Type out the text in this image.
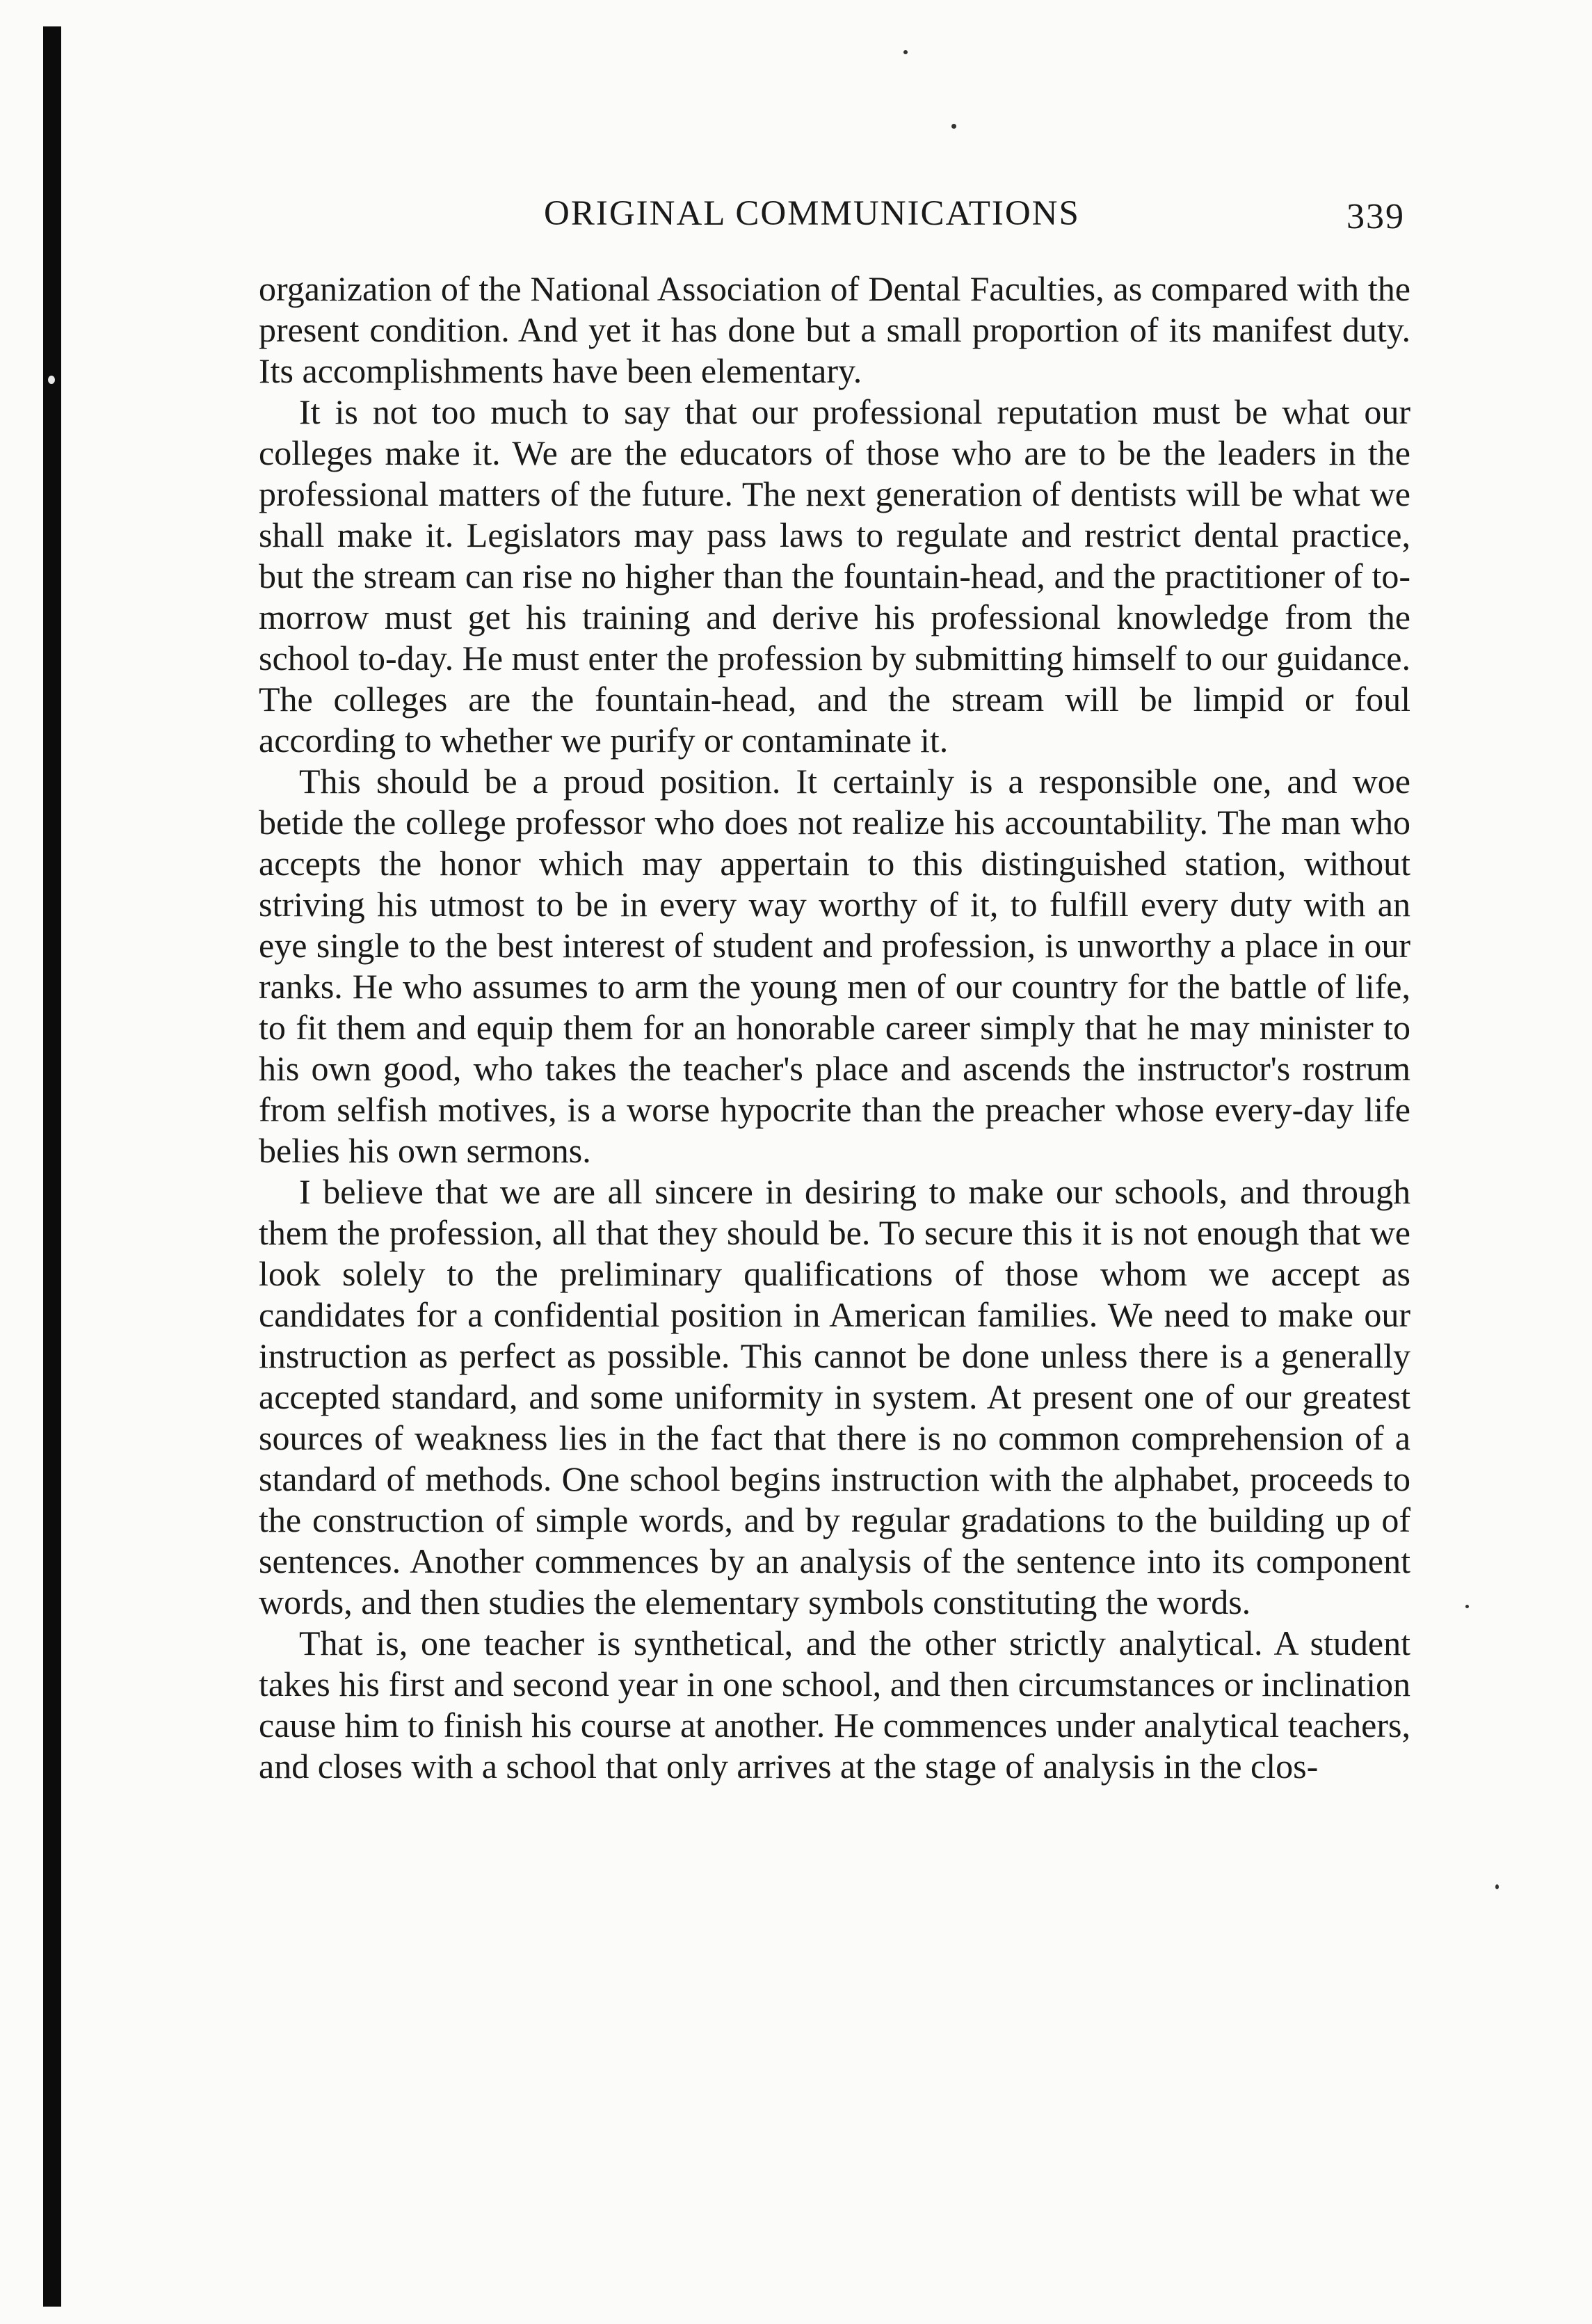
ORIGINAL COMMUNICATIONS	339

organization of the National Association of Dental Faculties, as compared with the present condition. And yet it has done but a small proportion of its manifest duty. Its accomplishments have been elementary.

It is not too much to say that our professional reputation must be what our colleges make it. We are the educators of those who are to be the leaders in the professional matters of the future. The next generation of dentists will be what we shall make it. Legislators may pass laws to regulate and restrict dental practice, but the stream can rise no higher than the fountain-head, and the practitioner of to-morrow must get his training and derive his professional knowledge from the school to-day. He must enter the profession by submitting himself to our guidance. The colleges are the fountain-head, and the stream will be limpid or foul according to whether we purify or contaminate it.

This should be a proud position. It certainly is a responsible one, and woe betide the college professor who does not realize his accountability. The man who accepts the honor which may appertain to this distinguished station, without striving his utmost to be in every way worthy of it, to fulfill every duty with an eye single to the best interest of student and profession, is unworthy a place in our ranks. He who assumes to arm the young men of our country for the battle of life, to fit them and equip them for an honorable career simply that he may minister to his own good, who takes the teacher's place and ascends the instructor's rostrum from selfish motives, is a worse hypocrite than the preacher whose every-day life belies his own sermons.

I believe that we are all sincere in desiring to make our schools, and through them the profession, all that they should be. To secure this it is not enough that we look solely to the preliminary qualifications of those whom we accept as candidates for a confidential position in American families. We need to make our instruction as perfect as possible. This cannot be done unless there is a generally accepted standard, and some uniformity in system. At present one of our greatest sources of weakness lies in the fact that there is no common comprehension of a standard of methods. One school begins instruction with the alphabet, proceeds to the construction of simple words, and by regular gradations to the building up of sentences. Another commences by an analysis of the sentence into its component words, and then studies the elementary symbols constituting the words.

That is, one teacher is synthetical, and the other strictly analytical. A student takes his first and second year in one school, and then circumstances or inclination cause him to finish his course at another. He commences under analytical teachers, and closes with a school that only arrives at the stage of analysis in the clos-
